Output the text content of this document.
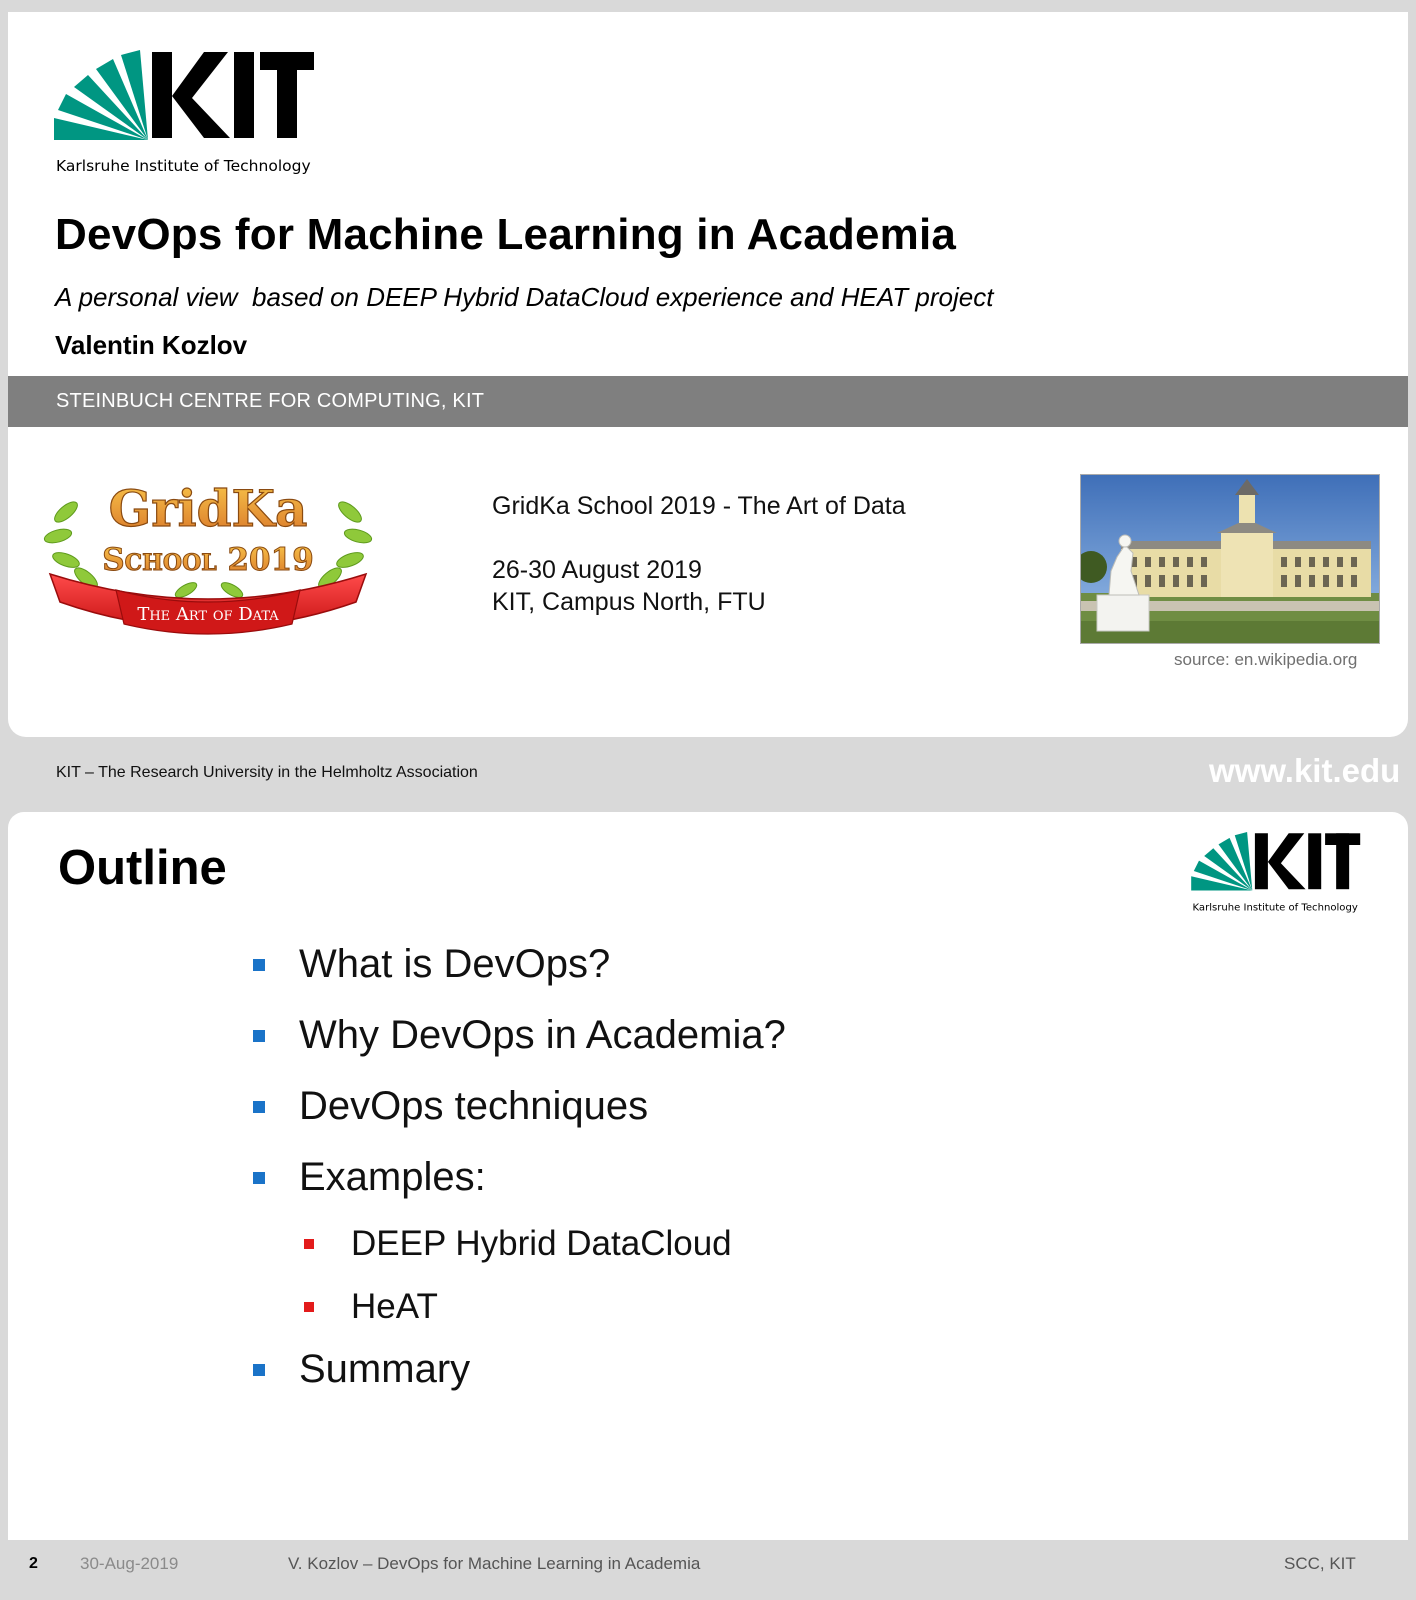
Karlsruhe Institute of Technology
DevOps for Machine Learning in Academia
A personal view  based on DEEP Hybrid DataCloud experience and HEAT project
Valentin Kozlov
STEINBUCH CENTRE FOR COMPUTING, KIT
GridKa
School 2019
The Art of Data
GridKa School 2019 - The Art of Data
26-30 August 2019
KIT, Campus North, FTU
source: en.wikipedia.org
KIT – The Research University in the Helmholtz Association	www.kit.edu
Outline
Karlsruhe Institute of Technology
What is DevOps?
Why DevOps in Academia?
DevOps techniques
Examples:
DEEP Hybrid DataCloud
HeAT
Summary
2 30-Aug-2019	V. Kozlov – DevOps for Machine Learning in Academia	SCC, KIT
